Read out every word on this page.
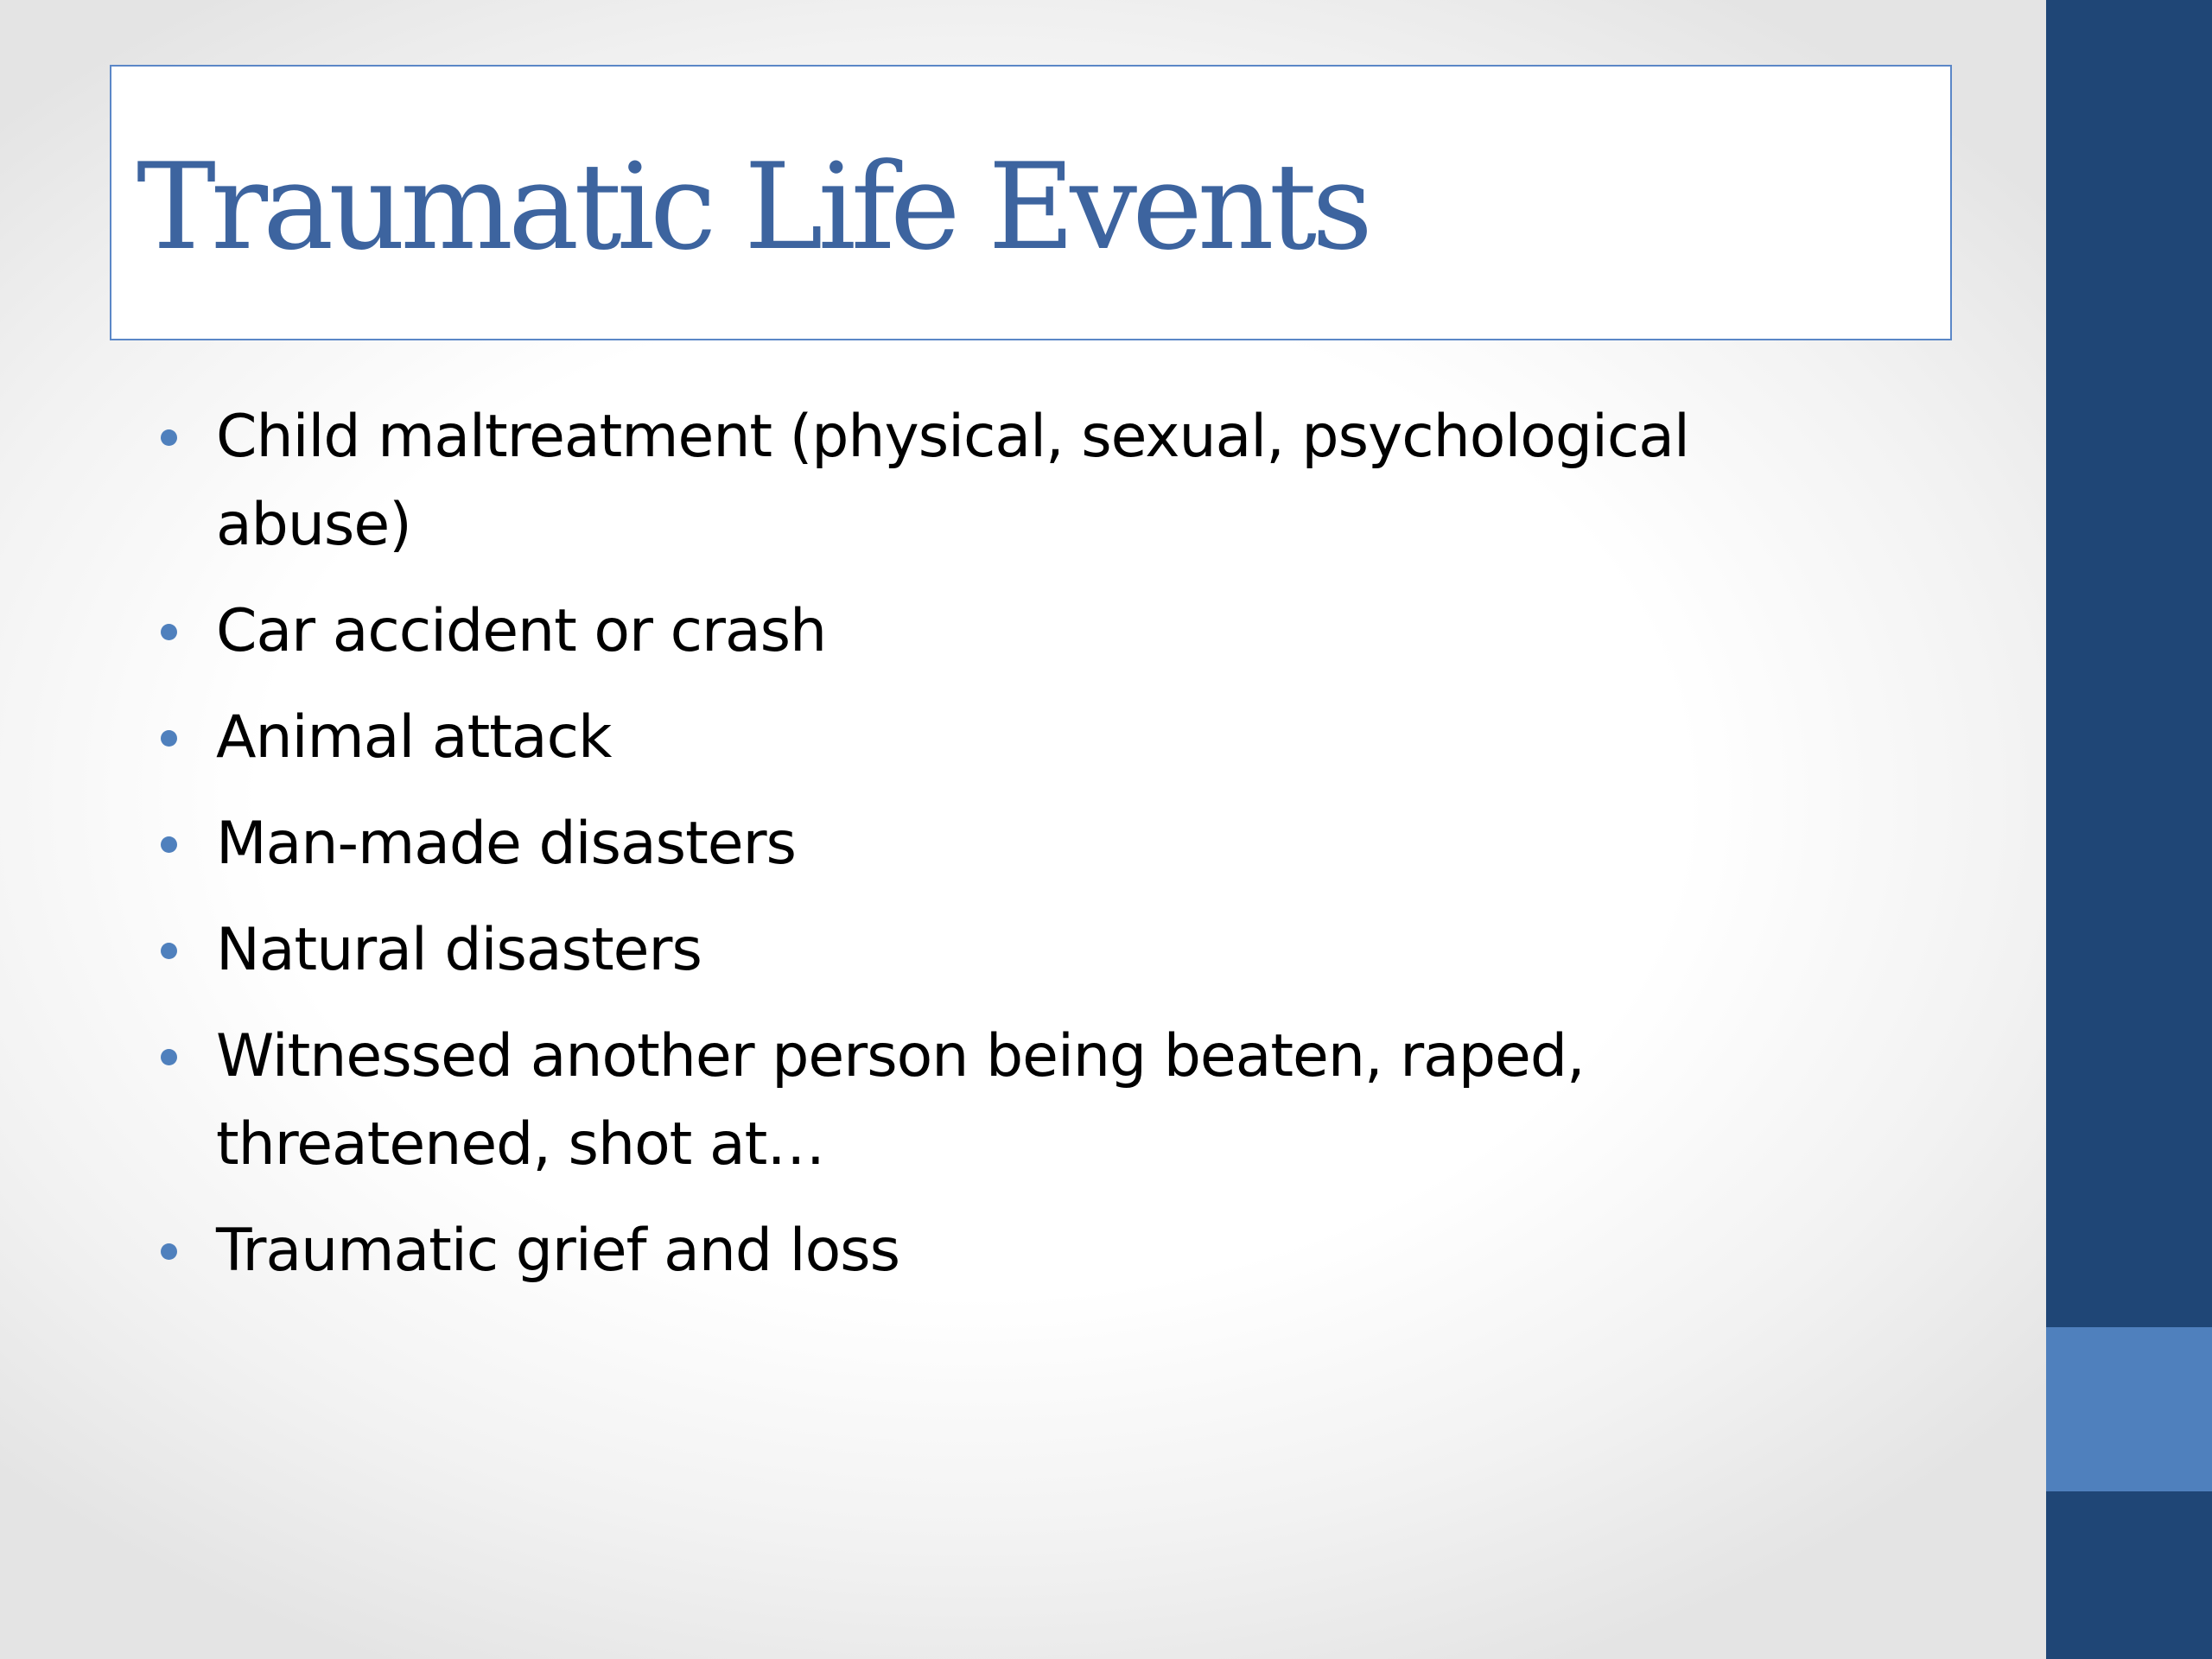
Traumatic Life Events
Child maltreatment (physical, sexual, psychological abuse)
Car accident or crash
Animal attack
Man-made disasters
Natural disasters
Witnessed another person being beaten, raped, threatened, shot at…
Traumatic grief and loss
